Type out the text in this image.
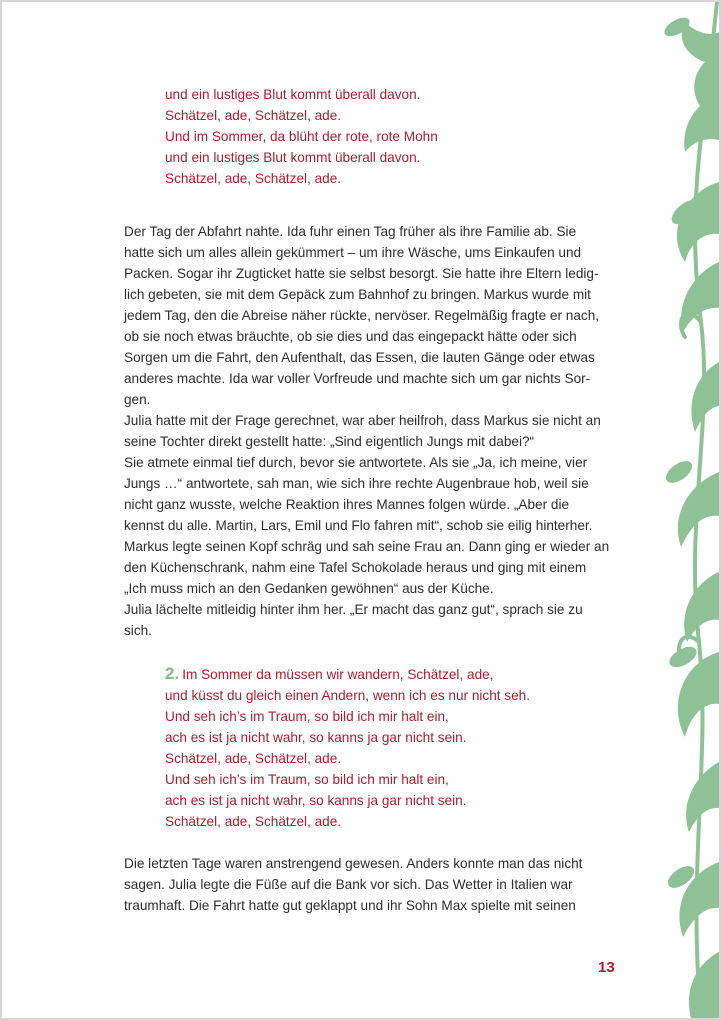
und ein lustiges Blut kommt überall davon.
Schätzel, ade, Schätzel, ade.
Und im Sommer, da blüht der rote, rote Mohn
und ein lustiges Blut kommt überall davon.
Schätzel, ade, Schätzel, ade.
Der Tag der Abfahrt nahte. Ida fuhr einen Tag früher als ihre Familie ab. Sie
hatte sich um alles allein gekümmert – um ihre Wäsche, ums Einkaufen und
Packen. Sogar ihr Zugticket hatte sie selbst besorgt. Sie hatte ihre Eltern ledig-
lich gebeten, sie mit dem Gepäck zum Bahnhof zu bringen. Markus wurde mit
jedem Tag, den die Abreise näher rückte, nervöser. Regelmäßig fragte er nach,
ob sie noch etwas bräuchte, ob sie dies und das eingepackt hätte oder sich
Sorgen um die Fahrt, den Aufenthalt, das Essen, die lauten Gänge oder etwas
anderes machte. Ida war voller Vorfreude und machte sich um gar nichts Sor-
gen.
Julia hatte mit der Frage gerechnet, war aber heilfroh, dass Markus sie nicht an
seine Tochter direkt gestellt hatte: „Sind eigentlich Jungs mit dabei?“
Sie atmete einmal tief durch, bevor sie antwortete. Als sie „Ja, ich meine, vier
Jungs …“ antwortete, sah man, wie sich ihre rechte Augenbraue hob, weil sie
nicht ganz wusste, welche Reaktion ihres Mannes folgen würde. „Aber die
kennst du alle. Martin, Lars, Emil und Flo fahren mit“, schob sie eilig hinterher.
Markus legte seinen Kopf schräg und sah seine Frau an. Dann ging er wieder an
den Küchenschrank, nahm eine Tafel Schokolade heraus und ging mit einem
„Ich muss mich an den Gedanken gewöhnen“ aus der Küche.
Julia lächelte mitleidig hinter ihm her. „Er macht das ganz gut“, sprach sie zu
sich.
2. Im Sommer da müssen wir wandern, Schätzel, ade,
und küsst du gleich einen Andern, wenn ich es nur nicht seh.
Und seh ich’s im Traum, so bild ich mir halt ein,
ach es ist ja nicht wahr, so kanns ja gar nicht sein.
Schätzel, ade, Schätzel, ade.
Und seh ich’s im Traum, so bild ich mir halt ein,
ach es ist ja nicht wahr, so kanns ja gar nicht sein.
Schätzel, ade, Schätzel, ade.
Die letzten Tage waren anstrengend gewesen. Anders konnte man das nicht
sagen. Julia legte die Füße auf die Bank vor sich. Das Wetter in Italien war
traumhaft. Die Fahrt hatte gut geklappt und ihr Sohn Max spielte mit seinen
13
